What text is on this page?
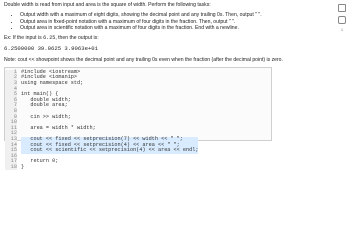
Double width is read from input and area is the square of width. Perform the following tasks:

• Output width with a maximum of eight digits, showing the decimal point and any trailing 0s. Then, output " ".
• Output area in fixed-point notation with a maximum of four digits in the fraction. Then, output " ".
• Output area in scientific notation with a maximum of four digits in the fraction. End with a newline.

Ex: If the input is 6.25, then the output is:

6.2500000 39.0625 3.9063e+01

Note: cout << showpoint shows the decimal point and any trailing 0s even when the fraction (after the decimal point) is zero.

1
2
3
4
5
6
7
8
9
10
11
12
13
14
15
16
17
18
#include <iostream>
#include <iomanip>
using namespace std;

int main() {
double width;
double area;

cin >> width;

area = width * width;

cout << fixed << setprecision(7) << width << " ";
cout << fixed << setprecision(4) << area << " ";
cout << scientific << setprecision(4) << area << endl;

return 0;
}
1
